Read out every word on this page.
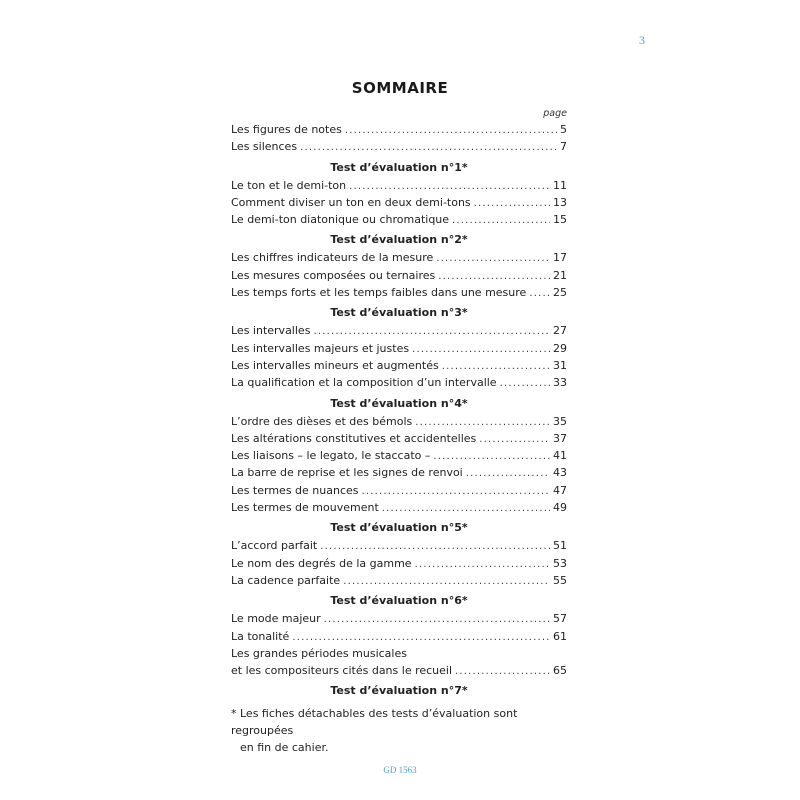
3
SOMMAIRE
page
Les figures de notes .....	5
Les silences .....	7
Test d’évaluation n°1*
Le ton et le demi-ton .....	11
Comment diviser un ton en deux demi-tons .....	13
Le demi-ton diatonique ou chromatique .....	15
Test d’évaluation n°2*
Les chiffres indicateurs de la mesure .....	17
Les mesures composées ou ternaires .....	21
Les temps forts et les temps faibles dans une mesure ..... 25
Test d’évaluation n°3*
Les intervalles .....	27
Les intervalles majeurs et justes .....	29
Les intervalles mineurs et augmentés .....	31
La qualification et la composition d’un intervalle .....	33
Test d’évaluation n°4*
L’ordre des dièses et des bémols .....	35
Les altérations constitutives et accidentelles .....	37
Les liaisons – le legato, le staccato – .....	41
La barre de reprise et les signes de renvoi .....	43
Les termes de nuances .....	47
Les termes de mouvement .....	49
Test d’évaluation n°5*
L’accord parfait .....	51
Le nom des degrés de la gamme .....	53
La cadence parfaite .....	55
Test d’évaluation n°6*
Le mode majeur .....	57
La tonalité .....	61
Les grandes périodes musicales
et les compositeurs cités dans le recueil .....	65
Test d’évaluation n°7*
* Les fiches détachables des tests d’évaluation sont regroupées
en fin de cahier.
GD 1563
